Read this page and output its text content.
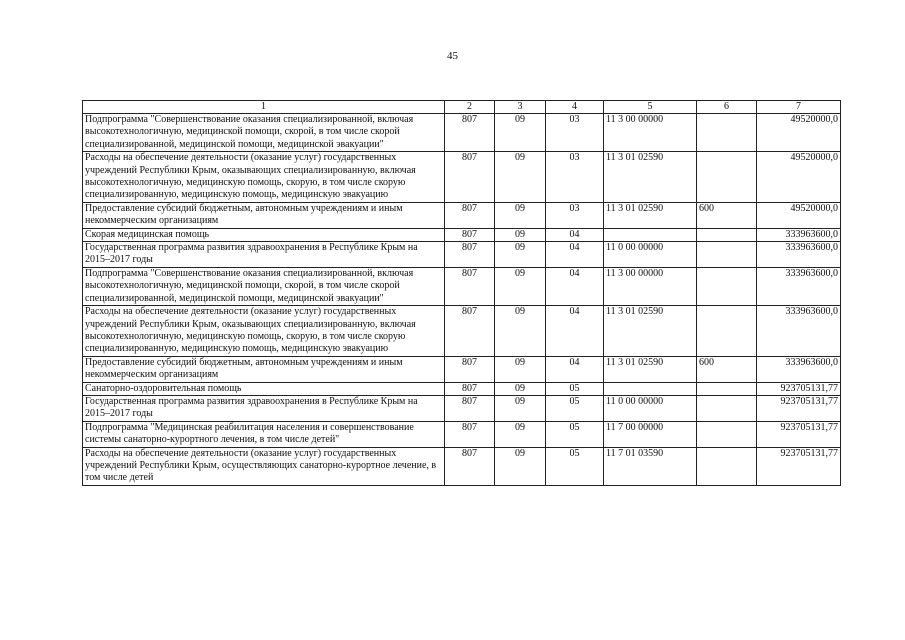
45
1	2	3	4	5	6	7
Подпрограмма "Совершенствование оказания специализированной, включая высокотехнологичную, медицинской помощи, скорой, в том числе скорой специализированной, медицинской помощи, медицинской эвакуации"	807	09	03	11 3 00 00000		49520000,0
Расходы на обеспечение деятельности (оказание услуг) государственных учреждений Республики Крым, оказывающих специализированную, включая высокотехнологичную, медицинскую помощь, скорую, в том числе скорую специализированную, медицинскую помощь, медицинскую эвакуацию	807	09	03	11 3 01 02590		49520000,0
Предоставление субсидий бюджетным, автономным учреждениям и иным некоммерческим организациям	807	09	03	11 3 01 02590	600	49520000,0
Скорая медицинская помощь	807	09	04			333963600,0
Государственная программа развития здравоохранения в Республике Крым на 2015–2017 годы	807	09	04	11 0 00 00000		333963600,0
Подпрограмма "Совершенствование оказания специализированной, включая высокотехнологичную, медицинской помощи, скорой, в том числе скорой специализированной, медицинской помощи, медицинской эвакуации"	807	09	04	11 3 00 00000		333963600,0
Расходы на обеспечение деятельности (оказание услуг) государственных учреждений Республики Крым, оказывающих специализированную, включая высокотехнологичную, медицинскую помощь, скорую, в том числе скорую специализированную, медицинскую помощь, медицинскую эвакуацию	807	09	04	11 3 01 02590		333963600,0
Предоставление субсидий бюджетным, автономным учреждениям и иным некоммерческим организациям	807	09	04	11 3 01 02590	600	333963600,0
Санаторно-оздоровительная помощь	807	09	05			923705131,77
Государственная программа развития здравоохранения в Республике Крым на 2015–2017 годы	807	09	05	11 0 00 00000		923705131,77
Подпрограмма "Медицинская реабилитация населения и совершенствование системы санаторно-курортного лечения, в том числе детей"	807	09	05	11 7 00 00000		923705131,77
Расходы на обеспечение деятельности (оказание услуг) государственных учреждений Республики Крым, осуществляющих санаторно-курортное лечение, в том числе детей	807	09	05	11 7 01 03590		923705131,77
